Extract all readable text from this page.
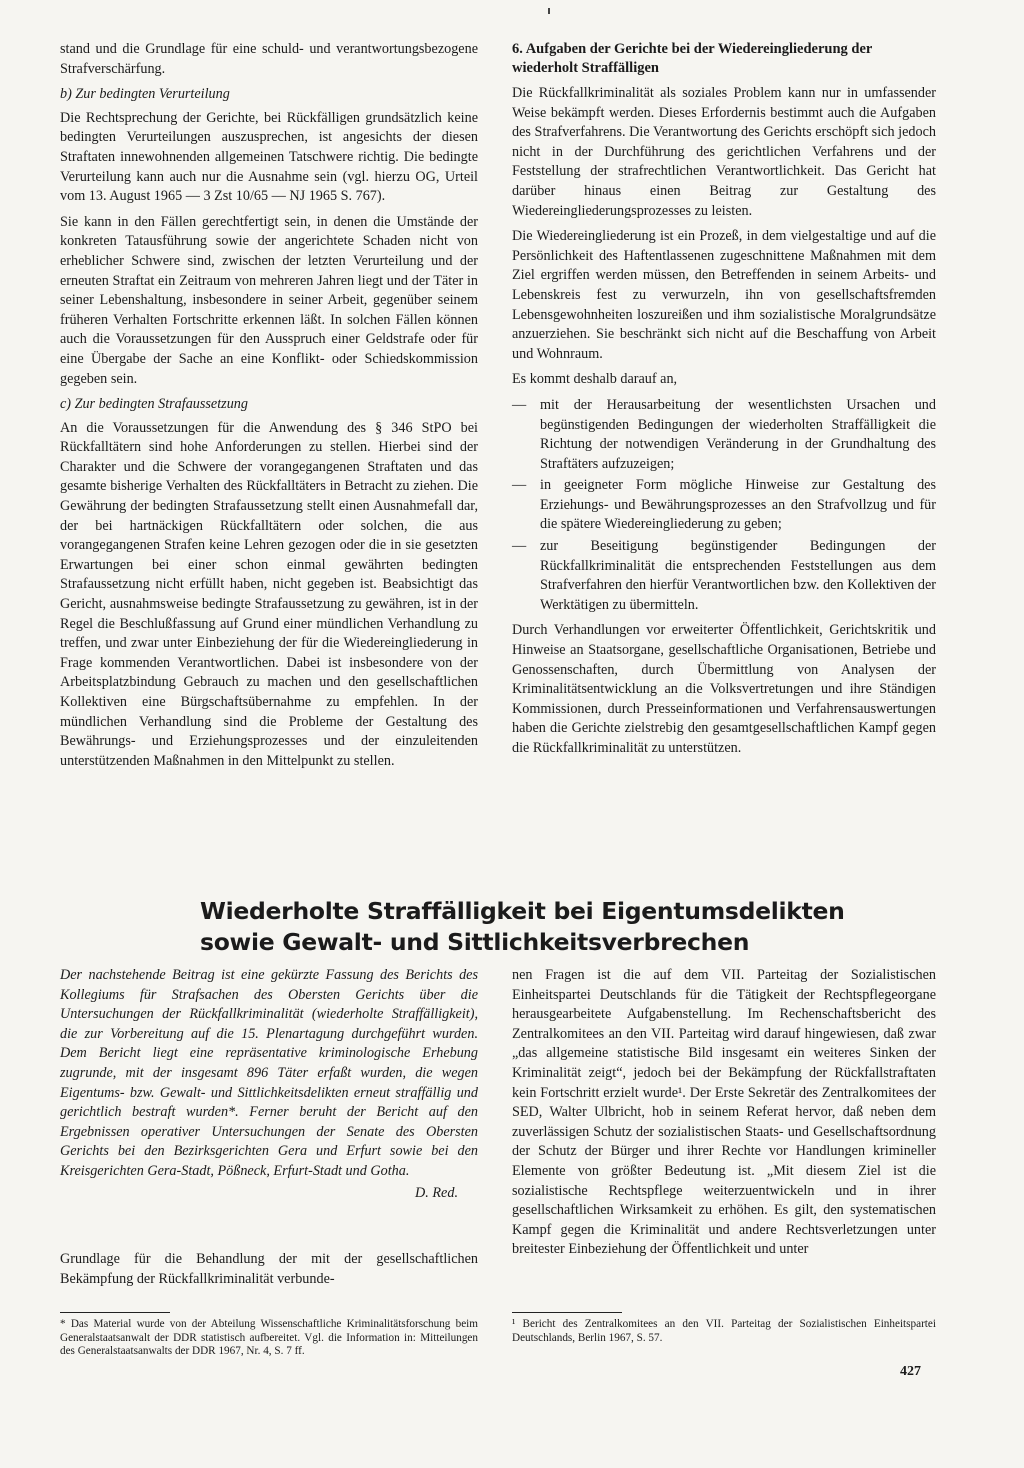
stand und die Grundlage für eine schuld- und verantwortungsbezogene Strafverschärfung.

b) Zur bedingten Verurteilung

Die Rechtsprechung der Gerichte, bei Rückfälligen grundsätzlich keine bedingten Verurteilungen auszusprechen, ist angesichts der diesen Straftaten innewohnenden allgemeinen Tatschwere richtig. Die bedingte Verurteilung kann auch nur die Ausnahme sein (vgl. hierzu OG, Urteil vom 13. August 1965 — 3 Zst 10/65 — NJ 1965 S. 767).

Sie kann in den Fällen gerechtfertigt sein, in denen die Umstände der konkreten Tatausführung sowie der angerichtete Schaden nicht von erheblicher Schwere sind, zwischen der letzten Verurteilung und der erneuten Straftat ein Zeitraum von mehreren Jahren liegt und der Täter in seiner Lebenshaltung, insbesondere in seiner Arbeit, gegenüber seinem früheren Verhalten Fortschritte erkennen läßt. In solchen Fällen können auch die Voraussetzungen für den Ausspruch einer Geldstrafe oder für eine Übergabe der Sache an eine Konflikt- oder Schiedskommission gegeben sein.

c) Zur bedingten Strafaussetzung

An die Voraussetzungen für die Anwendung des § 346 StPO bei Rückfalltätern sind hohe Anforderungen zu stellen. Hierbei sind der Charakter und die Schwere der vorangegangenen Straftaten und das gesamte bisherige Verhalten des Rückfalltäters in Betracht zu ziehen. Die Gewährung der bedingten Strafaussetzung stellt einen Ausnahmefall dar, der bei hartnäckigen Rückfalltätern oder solchen, die aus vorangegangenen Strafen keine Lehren gezogen oder die in sie gesetzten Erwartungen bei einer schon einmal gewährten bedingten Strafaussetzung nicht erfüllt haben, nicht gegeben ist. Beabsichtigt das Gericht, ausnahmsweise bedingte Strafaussetzung zu gewähren, ist in der Regel die Beschlußfassung auf Grund einer mündlichen Verhandlung zu treffen, und zwar unter Einbeziehung der für die Wiedereingliederung in Frage kommenden Verantwortlichen. Dabei ist insbesondere von der Arbeitsplatzbindung Gebrauch zu machen und den gesellschaftlichen Kollektiven eine Bürgschaftsübernahme zu empfehlen. In der mündlichen Verhandlung sind die Probleme der Gestaltung des Bewährungs- und Erziehungsprozesses und der einzuleitenden unterstützenden Maßnahmen in den Mittelpunkt zu stellen.

6. Aufgaben der Gerichte bei der Wiedereingliederung der wiederholt Straffälligen

Die Rückfallkriminalität als soziales Problem kann nur in umfassender Weise bekämpft werden. Dieses Erfordernis bestimmt auch die Aufgaben des Strafverfahrens. Die Verantwortung des Gerichts erschöpft sich jedoch nicht in der Durchführung des gerichtlichen Verfahrens und der Feststellung der strafrechtlichen Verantwortlichkeit. Das Gericht hat darüber hinaus einen Beitrag zur Gestaltung des Wiedereingliederungsprozesses zu leisten.

Die Wiedereingliederung ist ein Prozeß, in dem vielgestaltige und auf die Persönlichkeit des Haftentlassenen zugeschnittene Maßnahmen mit dem Ziel ergriffen werden müssen, den Betreffenden in seinem Arbeits- und Lebenskreis fest zu verwurzeln, ihn von gesellschaftsfremden Lebensgewohnheiten loszureißen und ihm sozialistische Moralgrundsätze anzuerziehen. Sie beschränkt sich nicht auf die Beschaffung von Arbeit und Wohnraum.

Es kommt deshalb darauf an,

— mit der Herausarbeitung der wesentlichsten Ursachen und begünstigenden Bedingungen der wiederholten Straffälligkeit die Richtung der notwendigen Veränderung in der Grundhaltung des Straftäters aufzuzeigen;
— in geeigneter Form mögliche Hinweise zur Gestaltung des Erziehungs- und Bewährungsprozesses an den Strafvollzug und für die spätere Wiedereingliederung zu geben;
— zur Beseitigung begünstigender Bedingungen der Rückfallkriminalität die entsprechenden Feststellungen aus dem Strafverfahren den hierfür Verantwortlichen bzw. den Kollektiven der Werktätigen zu übermitteln.

Durch Verhandlungen vor erweiterter Öffentlichkeit, Gerichtskritik und Hinweise an Staatsorgane, gesellschaftliche Organisationen, Betriebe und Genossenschaften, durch Übermittlung von Analysen der Kriminalitätsentwicklung an die Volksvertretungen und ihre Ständigen Kommissionen, durch Presseinformationen und Verfahrensauswertungen haben die Gerichte zielstrebig den gesamtgesellschaftlichen Kampf gegen die Rückfallkriminalität zu unterstützen.

Wiederholte Straffälligkeit bei Eigentumsdelikten
sowie Gewalt- und Sittlichkeitsverbrechen

Der nachstehende Beitrag ist eine gekürzte Fassung des Berichts des Kollegiums für Strafsachen des Obersten Gerichts über die Untersuchungen der Rückfallkriminalität (wiederholte Straffälligkeit), die zur Vorbereitung auf die 15. Plenartagung durchgeführt wurden. Dem Bericht liegt eine repräsentative kriminologische Erhebung zugrunde, mit der insgesamt 896 Täter erfaßt wurden, die wegen Eigentums- bzw. Gewalt- und Sittlichkeitsdelikten erneut straffällig und gerichtlich bestraft wurden*. Ferner beruht der Bericht auf den Ergebnissen operativer Untersuchungen der Senate des Obersten Gerichts bei den Bezirksgerichten Gera und Erfurt sowie bei den Kreisgerichten Gera-Stadt, Pößneck, Erfurt-Stadt und Gotha.

D. Red.

Grundlage für die Behandlung der mit der gesellschaftlichen Bekämpfung der Rückfallkriminalität verbunde-

nen Fragen ist die auf dem VII. Parteitag der Sozialistischen Einheitspartei Deutschlands für die Tätigkeit der Rechtspflegeorgane herausgearbeitete Aufgabenstellung. Im Rechenschaftsbericht des Zentralkomitees an den VII. Parteitag wird darauf hingewiesen, daß zwar „das allgemeine statistische Bild insgesamt ein weiteres Sinken der Kriminalität zeigt“, jedoch bei der Bekämpfung der Rückfallstraftaten kein Fortschritt erzielt wurde¹. Der Erste Sekretär des Zentralkomitees der SED, Walter Ulbricht, hob in seinem Referat hervor, daß neben dem zuverlässigen Schutz der sozialistischen Staats- und Gesellschaftsordnung der Schutz der Bürger und ihrer Rechte vor Handlungen krimineller Elemente von größter Bedeutung ist. „Mit diesem Ziel ist die sozialistische Rechtspflege weiterzuentwickeln und in ihrer gesellschaftlichen Wirksamkeit zu erhöhen. Es gilt, den systematischen Kampf gegen die Kriminalität und andere Rechtsverletzungen unter breitester Einbeziehung der Öffentlichkeit und unter

* Das Material wurde von der Abteilung Wissenschaftliche Kriminalitätsforschung beim Generalstaatsanwalt der DDR statistisch aufbereitet. Vgl. die Information in: Mitteilungen des Generalstaatsanwalts der DDR 1967, Nr. 4, S. 7 ff.
¹ Bericht des Zentralkomitees an den VII. Parteitag der Sozialistischen Einheitspartei Deutschlands, Berlin 1967, S. 57.
427
